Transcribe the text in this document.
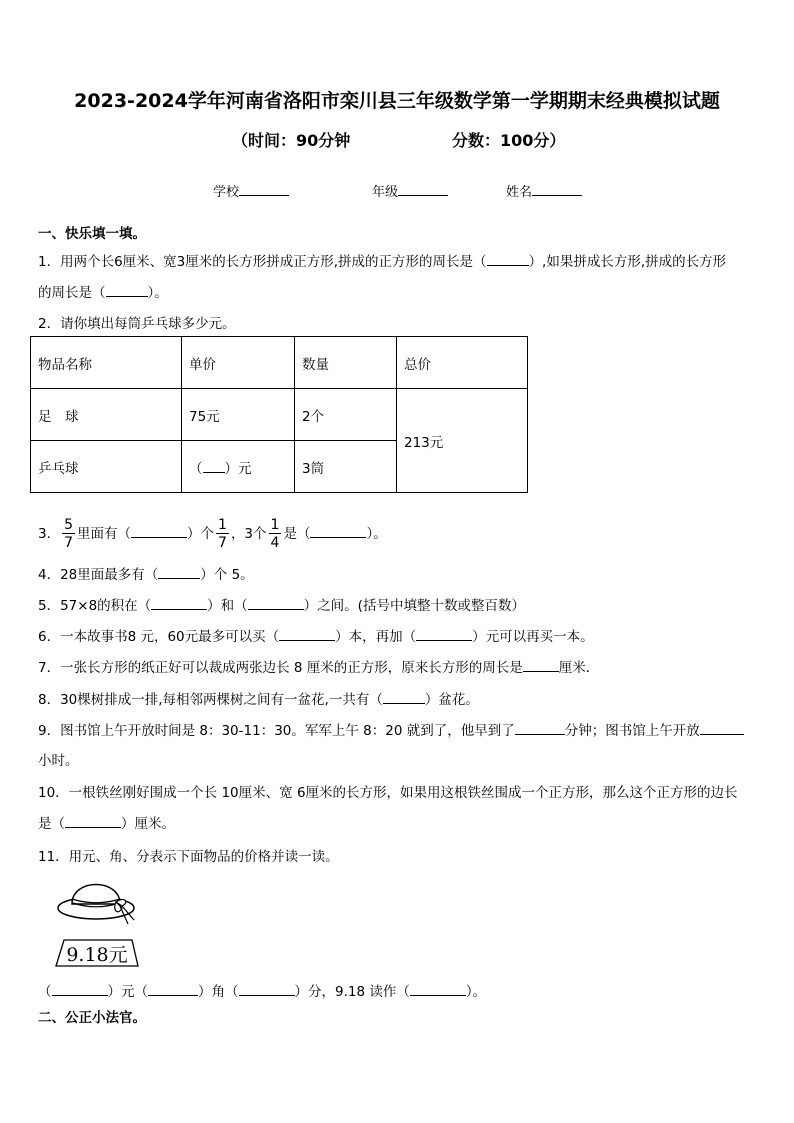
2023-2024学年河南省洛阳市栾川县三年级数学第一学期期末经典模拟试题
（时间：90分钟	分数：100分）
学校	年级	姓名
一、快乐填一填。
1．用两个长6厘米、宽3厘米的长方形拼成正方形,拼成的正方形的周长是（	）,如果拼成长方形,拼成的长方形
的周长是（	）。
2．请你填出每筒乒乓球多少元。
物品名称	单价	数量	总价
足　球	75元	2个	213元
乒乓球	（ ）元	3筒	
3． $\frac{5}{7}$ 里面有（	）个 $\frac{1}{7}$ ，3个 $\frac{1}{4}$ 是（	）。
4．28里面最多有（	）个 5。
5．57×8的积在（	）和（	）之间。(括号中填整十数或整百数）
6．一本故事书8 元，60元最多可以买（	）本，再加（	）元可以再买一本。
7．一张长方形的纸正好可以裁成两张边长 8 厘米的正方形，原来长方形的周长是	厘米．
8．30棵树排成一排,每相邻两棵树之间有一盆花,一共有（	）盆花。
9．图书馆上午开放时间是 8：30-11：30。军军上午 8：20 就到了，他早到了	分钟；图书馆上午开放
小时。
10．一根铁丝刚好围成一个长 10厘米、宽 6厘米的长方形，如果用这根铁丝围成一个正方形，那么这个正方形的边长
是（	）厘米。
11．用元、角、分表示下面物品的价格并读一读。
9.18元
（	）元（	）角（	）分，9.18 读作（	）。
二、公正小法官。
